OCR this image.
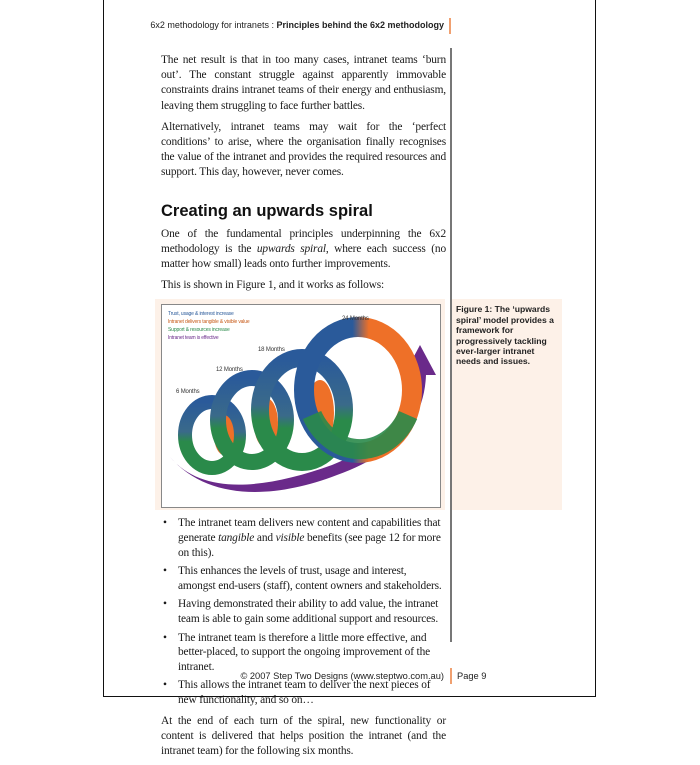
6x2 methodology for intranets : Principles behind the 6x2 methodology

The net result is that in too many cases, intranet teams ‘burn out’. The constant struggle against apparently immovable constraints drains intranet teams of their energy and enthusiasm, leaving them struggling to face further battles.

Alternatively, intranet teams may wait for the ‘perfect conditions’ to arise, where the organisation finally recognises the value of the intranet and provides the required resources and support. This day, however, never comes.

Creating an upwards spiral

One of the fundamental principles underpinning the 6x2 methodology is the upwards spiral, where each success (no matter how small) leads onto further improvements.

This is shown in Figure 1, and it works as follows:

6 Months
12 Months
18 Months
24 Months
Trust, usage & interest increase
Intranet delivers tangible & visible value
Support & resources increase
Intranet team is effective
Figure 1: The ‘upwards spiral’ model provides a framework for progressively tackling ever-larger intranet needs and issues.
• The intranet team delivers new content and capabilities that generate tangible and visible benefits (see page 12 for more on this).
• This enhances the levels of trust, usage and interest, amongst end-users (staff), content owners and stakeholders.
• Having demonstrated their ability to add value, the intranet team is able to gain some additional support and resources.
• The intranet team is therefore a little more effective, and better-placed, to support the ongoing improvement of the intranet.
• This allows the intranet team to deliver the next pieces of new functionality, and so on…

At the end of each turn of the spiral, new functionality or content is delivered that helps position the intranet (and the intranet team) for the following six months.

© 2007 Step Two Designs (www.steptwo.com.au) Page 9
